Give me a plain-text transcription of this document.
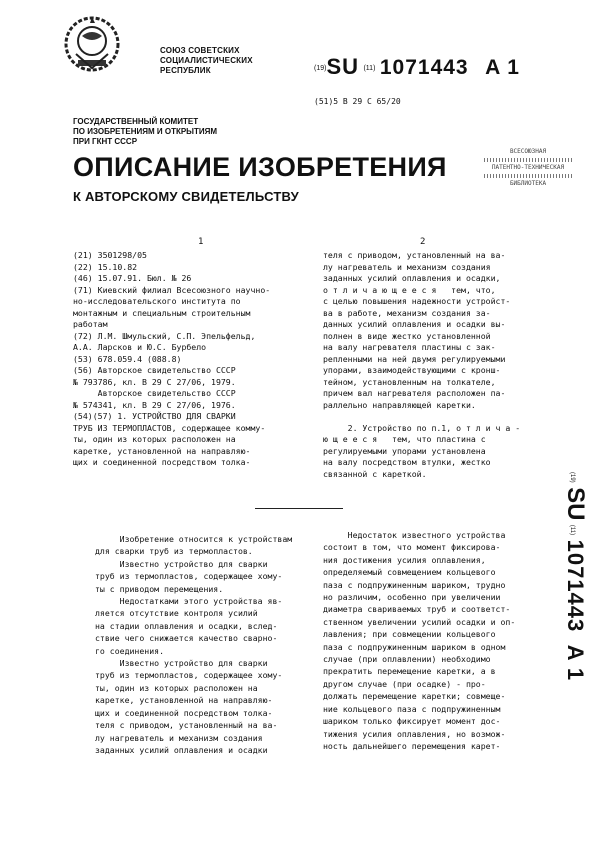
СОЮЗ СОВЕТСКИХ
СОЦИАЛИСТИЧЕСКИХ
РЕСПУБЛИК	$^{(19)}$SU $^{(11)}$ 1071443 A 1
(51)5 В 29 С 65/20
ГОСУДАРСТВЕННЫЙ КОМИТЕТ
ПО ИЗОБРЕТЕНИЯМ И ОТКРЫТИЯМ
ПРИ ГКНТ СССР
ОПИСАНИЕ ИЗОБРЕТЕНИЯ
К АВТОРСКОМУ СВИДЕТЕЛЬСТВУ
ВСЕСОЮЗНАЯ
ПАТЕНТНО-ТЕХНИЧЕСКАЯ
БИБЛИОТЕКА
1	2
(21) 3501298/05
(22) 15.10.82
(46) 15.07.91. Бюл. № 26
(71) Киевский филиал Всесоюзного научно-
но-исследовательского института по
монтажным и специальным строительным
работам
(72) Л.М. Шмульский, С.П. Эпельфельд,
А.А. Ларсков и Ю.С. Бурбело
(53) 678.059.4 (088.8)
(56) Авторское свидетельство СССР
№ 793786, кл. В 29 С 27/06, 1979.
Авторское свидетельство СССР
№ 574341, кл. В 29 С 27/06, 1976.
(54)(57) 1. УСТРОЙСТВО ДЛЯ СВАРКИ
ТРУБ ИЗ ТЕРМОПЛАСТОВ, содержащее комму-
ты, один из которых расположен на
каретке, установленной на направляю-
щих и соединенной посредством толка-
теля с приводом, установленный на ва-
лу нагреватель и механизм создания
заданных усилий оплавления и осадки,
о т л и ч а ю щ е е с я   тем, что,
с целью повышения надежности устройст-
ва в работе, механизм создания за-
данных усилий оплавления и осадки вы-
полнен в виде жестко установленной
на валу нагревателя пластины с зак-
репленными на ней двумя регулируемыми
упорами, взаимодействующими с кронш-
тейном, установленным на толкателе,
причем вал нагревателя расположен па-
раллельно направляющей каретки.

2. Устройство по п.1, о т л и ч а -
ю щ е е с я   тем, что пластина с
регулируемыми упорами установлена
на валу посредством втулки, жестко
связанной с кареткой.
Изобретение относится к устройствам
для сварки труб из термопластов.
Известно устройство для сварки
труб из термопластов, содержащее хому-
ты с приводом перемещения.
Недостатками этого устройства яв-
ляется отсутствие контроля усилий
на стадии оплавления и осадки, вслед-
ствие чего снижается качество сварно-
го соединения.
Известно устройство для сварки
труб из термопластов, содержащее хому-
ты, один из которых расположен на
каретке, установленной на направляю-
щих и соединенной посредством толка-
теля с приводом, установленный на ва-
лу нагреватель и механизм создания
заданных усилий оплавления и осадки
Недостаток известного устройства
состоит в том, что момент фиксирова-
ния достижения усилия оплавления,
определяемый совмещением кольцевого
паза с подпружиненным шариком, трудно
но различим, особенно при увеличении
диаметра свариваемых труб и соответст-
ственном увеличении усилий осадки и оп-
лавления; при совмещении кольцевого
паза с подпружиненным шариком в одном
случае (при оплавлении) необходимо
прекратить перемещение каретки, а в
другом случае (при осадке) - про-
должать перемещение каретки; совмеще-
ние кольцевого паза с подпружиненным
шариком только фиксирует момент дос-
тижения усилия оплавления, но возмож-
ность дальнейшего перемещения карет-
(19) SU (11) 1071443 A 1
